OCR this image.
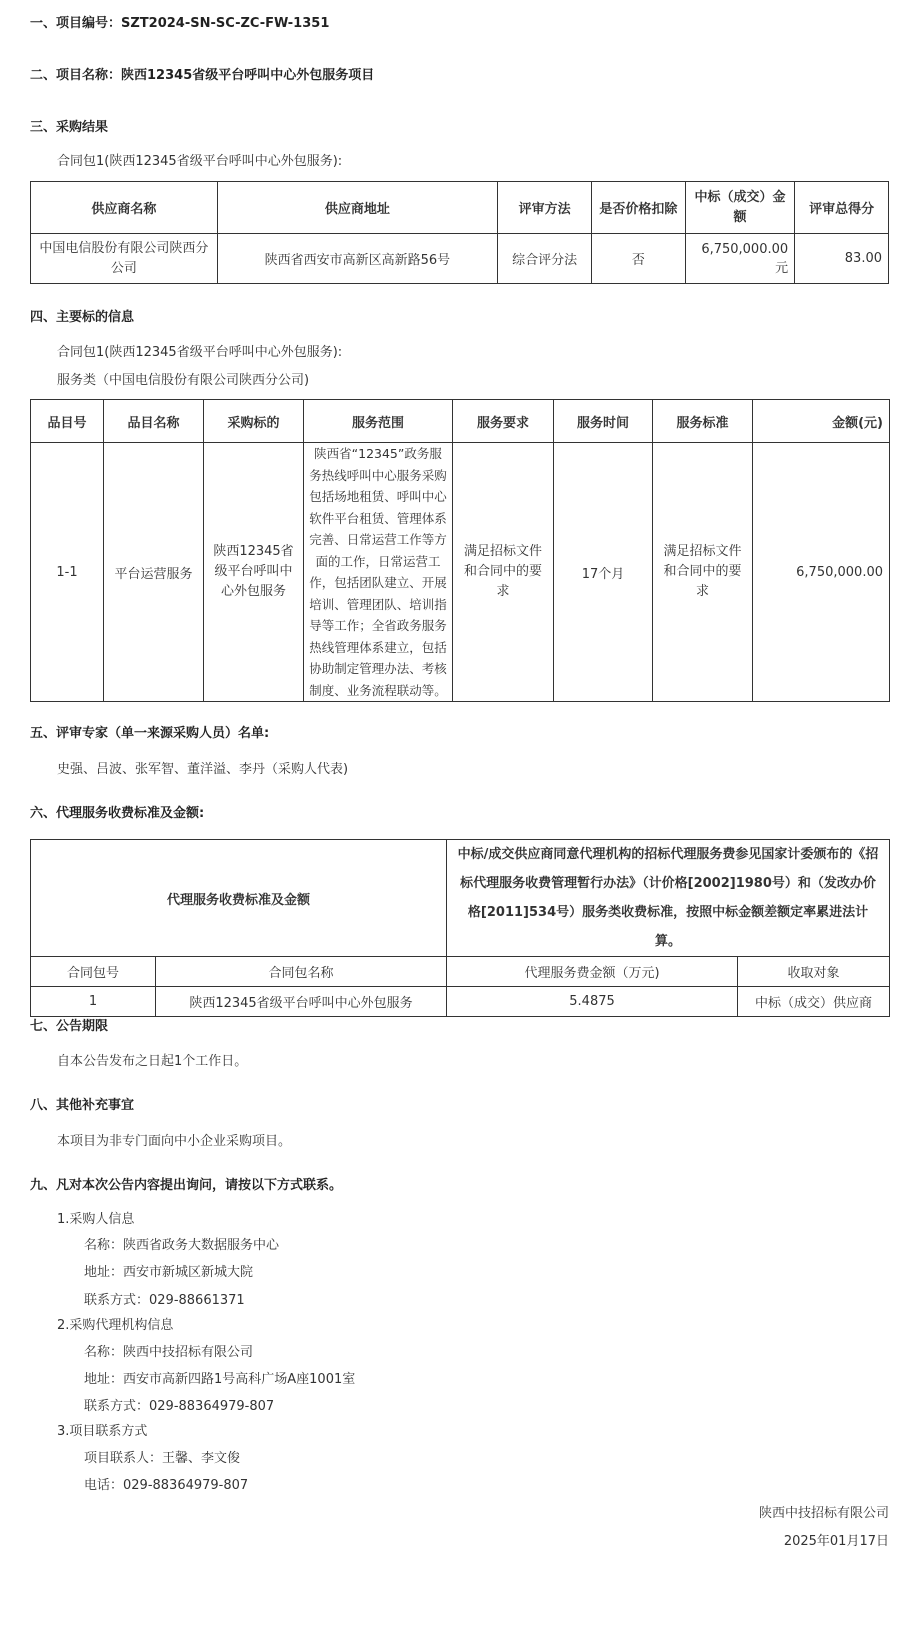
一、项目编号：SZT2024-SN-SC-ZC-FW-1351
二、项目名称：陕西12345省级平台呼叫中心外包服务项目
三、采购结果
合同包1(陕西12345省级平台呼叫中心外包服务):
供应商名称	供应商地址	评审方法	是否价格扣除	中标（成交）金额	评审总得分
中国电信股份有限公司陕西分公司	陕西省西安市高新区高新路56号	综合评分法	否	6,750,000.00元	83.00
四、主要标的信息
合同包1(陕西12345省级平台呼叫中心外包服务):
服务类（中国电信股份有限公司陕西分公司)
品目号	品目名称	采购标的	服务范围	服务要求	服务时间	服务标准	金额(元)
1-1	平台运营服务	陕西12345省级平台呼叫中心外包服务	陕西省“12345”政务服务热线呼叫中心服务采购包括场地租赁、呼叫中心软件平台租赁、管理体系完善、日常运营工作等方面的工作，日常运营工作，包括团队建立、开展培训、管理团队、培训指导等工作；全省政务服务热线管理体系建立，包括协助制定管理办法、考核制度、业务流程联动等。	满足招标文件和合同中的要求	17个月	满足招标文件和合同中的要求	6,750,000.00
五、评审专家（单一来源采购人员）名单:
史强、吕波、张军智、董洋溢、李丹（采购人代表)
六、代理服务收费标准及金额:
代理服务收费标准及金额		中标/成交供应商同意代理机构的招标代理服务费参见国家计委颁布的《招标代理服务收费管理暂行办法》（计价格[2002]1980号）和（发改办价格[2011]534号）服务类收费标准，按照中标金额差额定率累进法计算。	
合同包号	合同包名称	代理服务费金额（万元)	收取对象
1	陕西12345省级平台呼叫中心外包服务	5.4875	中标（成交）供应商
七、公告期限
自本公告发布之日起1个工作日。
八、其他补充事宜
本项目为非专门面向中小企业采购项目。
九、凡对本次公告内容提出询问，请按以下方式联系。
1.采购人信息
名称：陕西省政务大数据服务中心
地址：西安市新城区新城大院
联系方式：029-88661371
2.采购代理机构信息
名称：陕西中技招标有限公司
地址：西安市高新四路1号高科广场A座1001室
联系方式：029-88364979-807
3.项目联系方式
项目联系人：王馨、李文俊
电话：029-88364979-807
陕西中技招标有限公司
2025年01月17日
